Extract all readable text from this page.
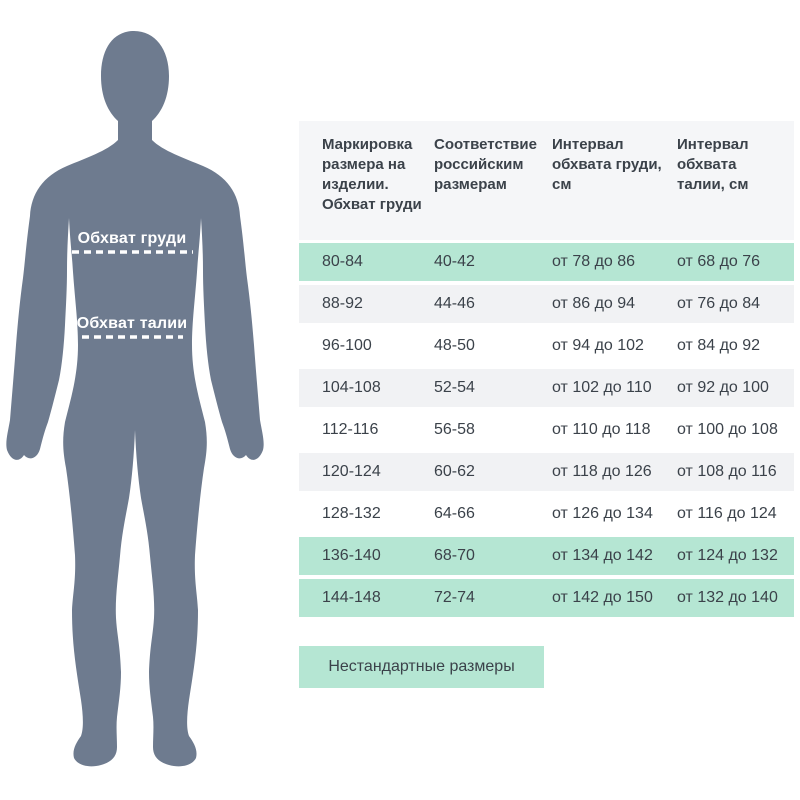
Обхват груди
Обхват талии
Маркировка размера на изделии. Обхват груди
Соответствие российским размерам
Интервал обхвата груди, см
Интервал обхвата талии, см
80-84	40-42	от 78 до 86	от 68 до 76
88-92	44-46	от 86 до 94	от 76 до 84
96-100	48-50	от 94 до 102	от 84 до 92
104-108	52-54	от 102 до 110	от 92 до 100
112-116	56-58	от 110 до 118	от 100 до 108
120-124	60-62	от 118 до 126	от 108 до 116
128-132	64-66	от 126 до 134	от 116 до 124
136-140	68-70	от 134 до 142	от 124 до 132
144-148	72-74	от 142 до 150	от 132 до 140
Нестандартные размеры
